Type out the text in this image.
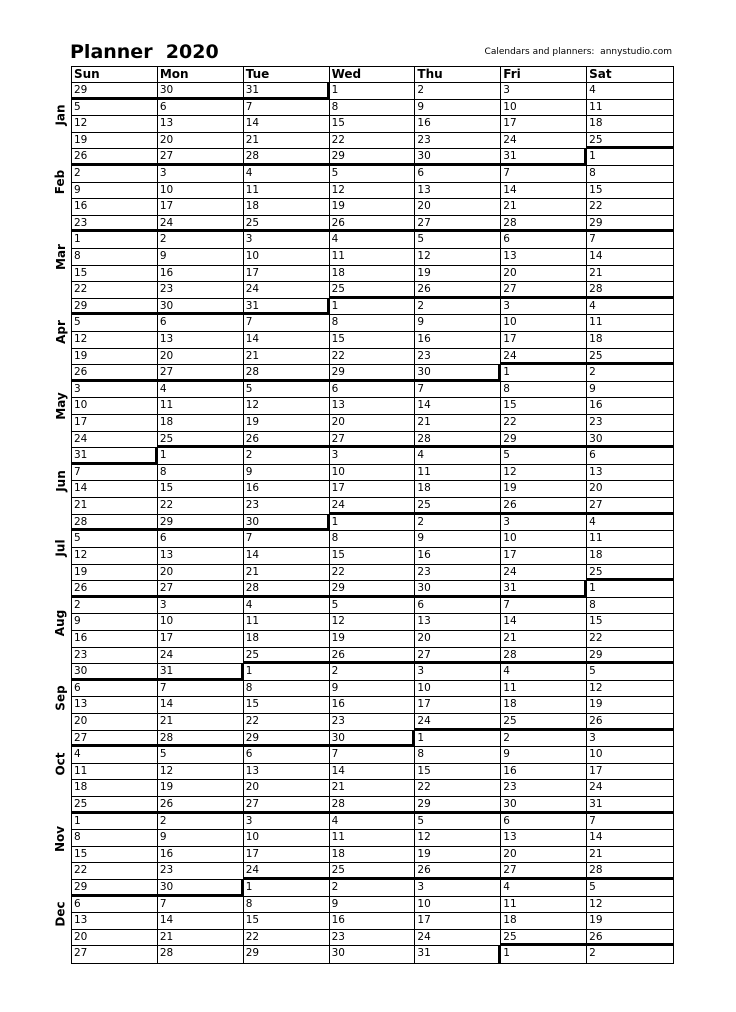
Planner  2020	Calendars and planners:  annystudio.com
Jan
Feb
Mar
Apr
May
Jun
Jul
Aug
Sep
Oct
Nov
Dec
Sun	Mon	Tue	Wed	Thu	Fri	Sat
29	30	31	1	2	3	4
5	6	7	8	9	10	11
12	13	14	15	16	17	18
19	20	21	22	23	24	25
26	27	28	29	30	31	1
2	3	4	5	6	7	8
9	10	11	12	13	14	15
16	17	18	19	20	21	22
23	24	25	26	27	28	29
1	2	3	4	5	6	7
8	9	10	11	12	13	14
15	16	17	18	19	20	21
22	23	24	25	26	27	28
29	30	31	1	2	3	4
5	6	7	8	9	10	11
12	13	14	15	16	17	18
19	20	21	22	23	24	25
26	27	28	29	30	1	2
3	4	5	6	7	8	9
10	11	12	13	14	15	16
17	18	19	20	21	22	23
24	25	26	27	28	29	30
31	1	2	3	4	5	6
7	8	9	10	11	12	13
14	15	16	17	18	19	20
21	22	23	24	25	26	27
28	29	30	1	2	3	4
5	6	7	8	9	10	11
12	13	14	15	16	17	18
19	20	21	22	23	24	25
26	27	28	29	30	31	1
2	3	4	5	6	7	8
9	10	11	12	13	14	15
16	17	18	19	20	21	22
23	24	25	26	27	28	29
30	31	1	2	3	4	5
6	7	8	9	10	11	12
13	14	15	16	17	18	19
20	21	22	23	24	25	26
27	28	29	30	1	2	3
4	5	6	7	8	9	10
11	12	13	14	15	16	17
18	19	20	21	22	23	24
25	26	27	28	29	30	31
1	2	3	4	5	6	7
8	9	10	11	12	13	14
15	16	17	18	19	20	21
22	23	24	25	26	27	28
29	30	1	2	3	4	5
6	7	8	9	10	11	12
13	14	15	16	17	18	19
20	21	22	23	24	25	26
27	28	29	30	31	1	2
